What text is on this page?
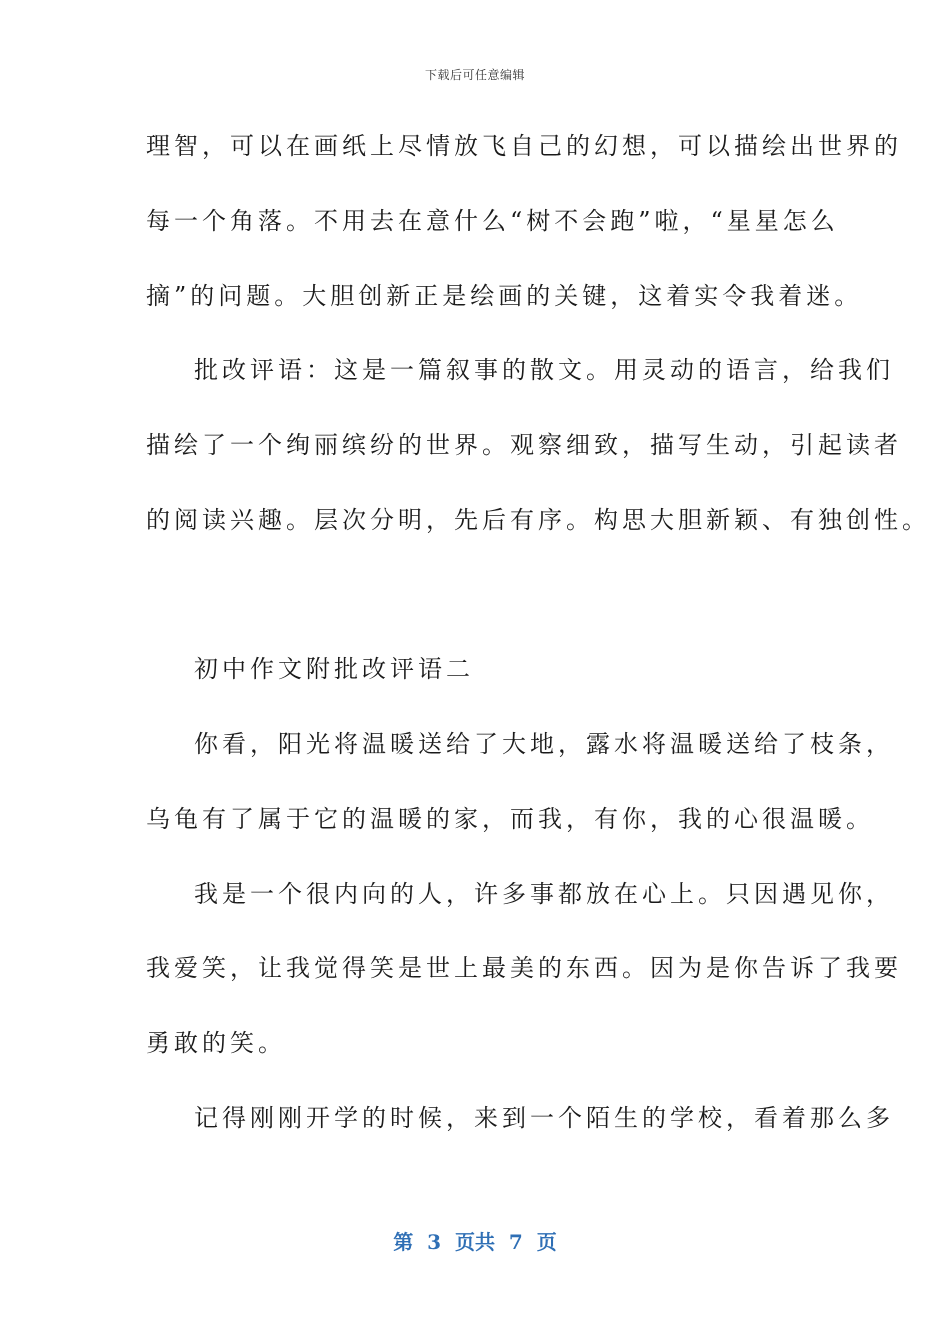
下载后可任意编辑
理智，可以在画纸上尽情放飞自己的幻想，可以描绘出世界的
每一个角落。不用去在意什么“树不会跑”啦，“星星怎么
摘”的问题。大胆创新正是绘画的关键，这着实令我着迷。
批改评语：这是一篇叙事的散文。用灵动的语言，给我们
描绘了一个绚丽缤纷的世界。观察细致，描写生动，引起读者
的阅读兴趣。层次分明，先后有序。构思大胆新颖、有独创性。
初中作文附批改评语二
你看，阳光将温暖送给了大地，露水将温暖送给了枝条，
乌龟有了属于它的温暖的家，而我，有你，我的心很温暖。
我是一个很内向的人，许多事都放在心上。只因遇见你，
我爱笑，让我觉得笑是世上最美的东西。因为是你告诉了我要
勇敢的笑。
记得刚刚开学的时候，来到一个陌生的学校，看着那么多
第  3  页共  7  页
